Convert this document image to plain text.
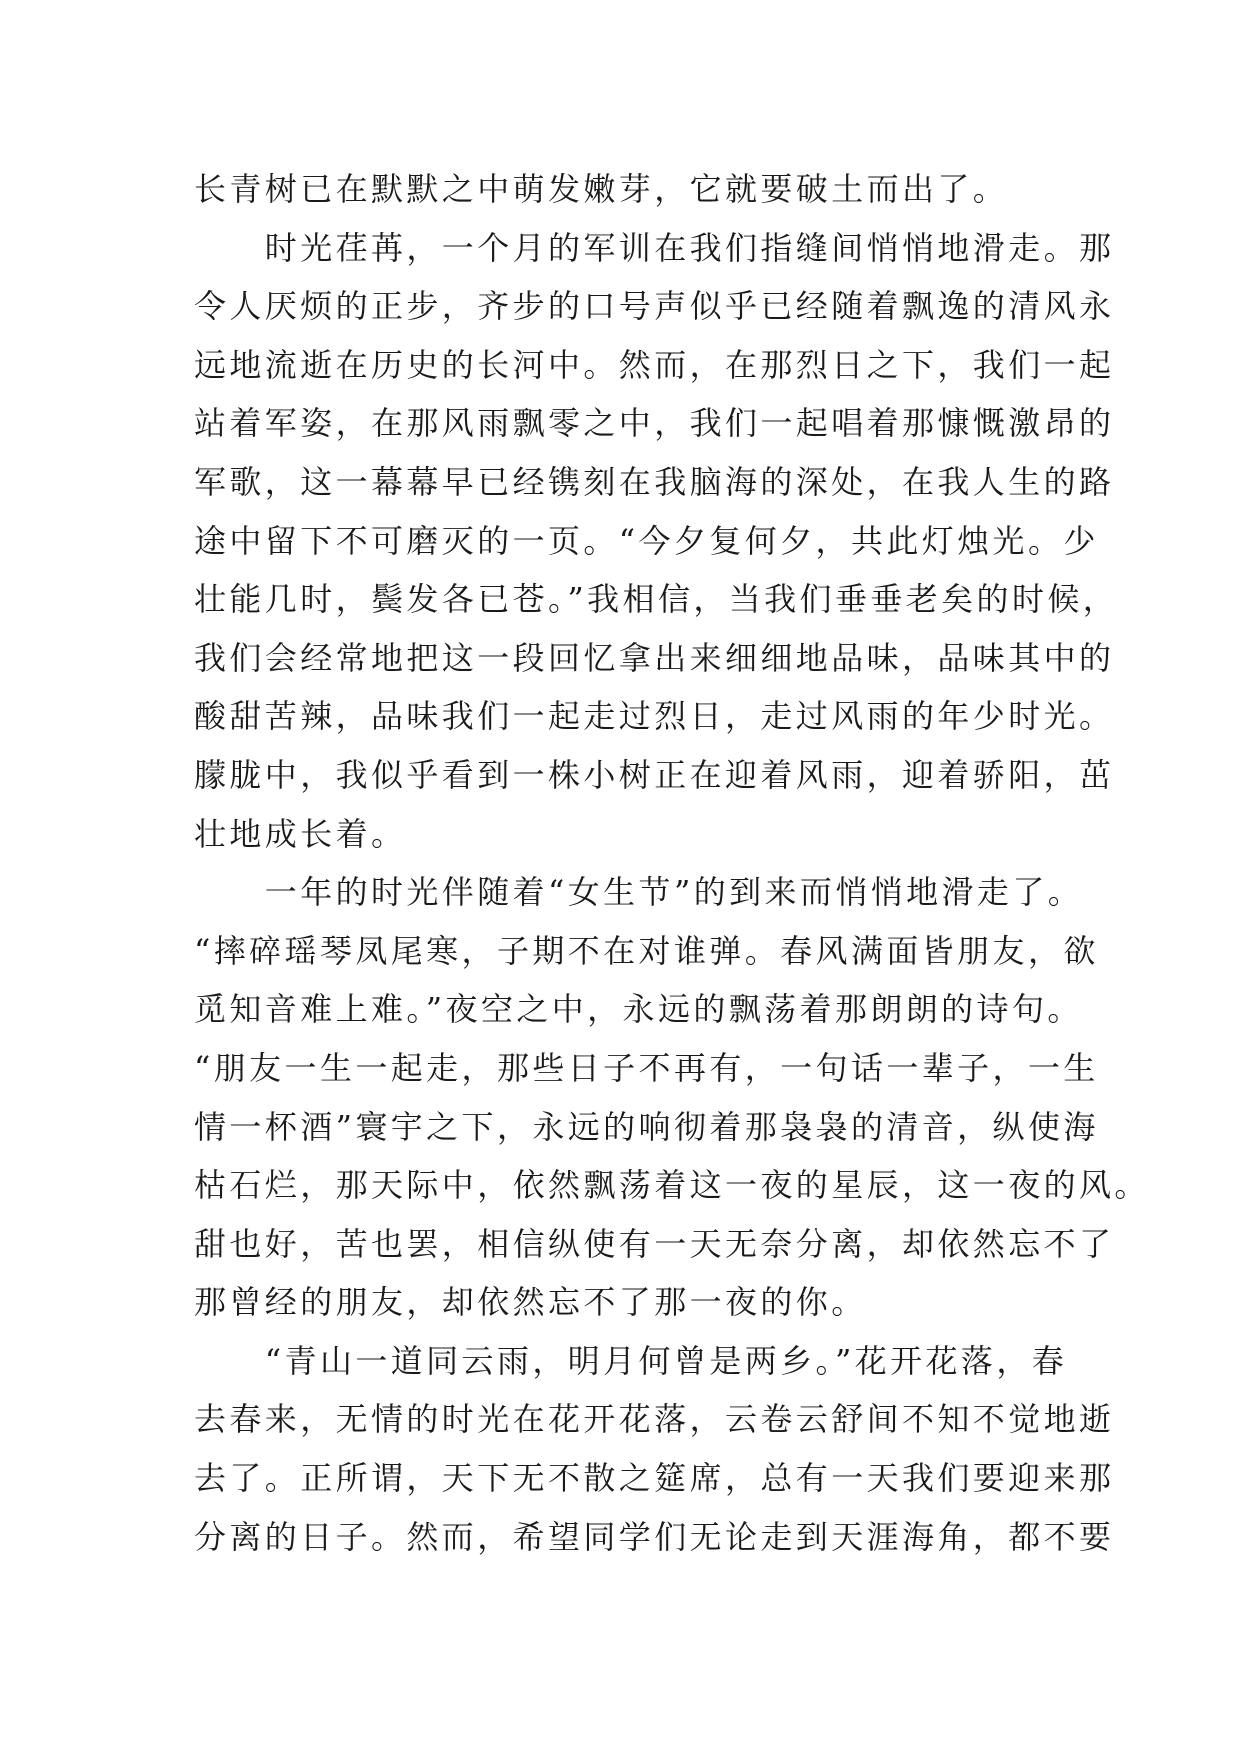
长青树已在默默之中萌发嫩芽，它就要破土而出了。
　　时光荏苒，一个月的军训在我们指缝间悄悄地滑走。那
令人厌烦的正步，齐步的口号声似乎已经随着飘逸的清风永
远地流逝在历史的长河中。然而，在那烈日之下，我们一起
站着军姿，在那风雨飘零之中，我们一起唱着那慷慨激昂的
军歌，这一幕幕早已经镌刻在我脑海的深处，在我人生的路
途中留下不可磨灭的一页。“今夕复何夕，共此灯烛光。少
壮能几时，鬓发各已苍。”我相信，当我们垂垂老矣的时候，
我们会经常地把这一段回忆拿出来细细地品味，品味其中的
酸甜苦辣，品味我们一起走过烈日，走过风雨的年少时光。
朦胧中，我似乎看到一株小树正在迎着风雨，迎着骄阳，茁
壮地成长着。
　　一年的时光伴随着“女生节”的到来而悄悄地滑走了。
“摔碎瑶琴凤尾寒，子期不在对谁弹。春风满面皆朋友，欲
觅知音难上难。”夜空之中，永远的飘荡着那朗朗的诗句。
“朋友一生一起走，那些日子不再有，一句话一辈子，一生
情一杯酒”寰宇之下，永远的响彻着那袅袅的清音，纵使海
枯石烂，那天际中，依然飘荡着这一夜的星辰，这一夜的风。
甜也好，苦也罢，相信纵使有一天无奈分离，却依然忘不了
那曾经的朋友，却依然忘不了那一夜的你。
　　“青山一道同云雨，明月何曾是两乡。”花开花落，春
去春来，无情的时光在花开花落，云卷云舒间不知不觉地逝
去了。正所谓，天下无不散之筵席，总有一天我们要迎来那
分离的日子。然而，希望同学们无论走到天涯海角，都不要
